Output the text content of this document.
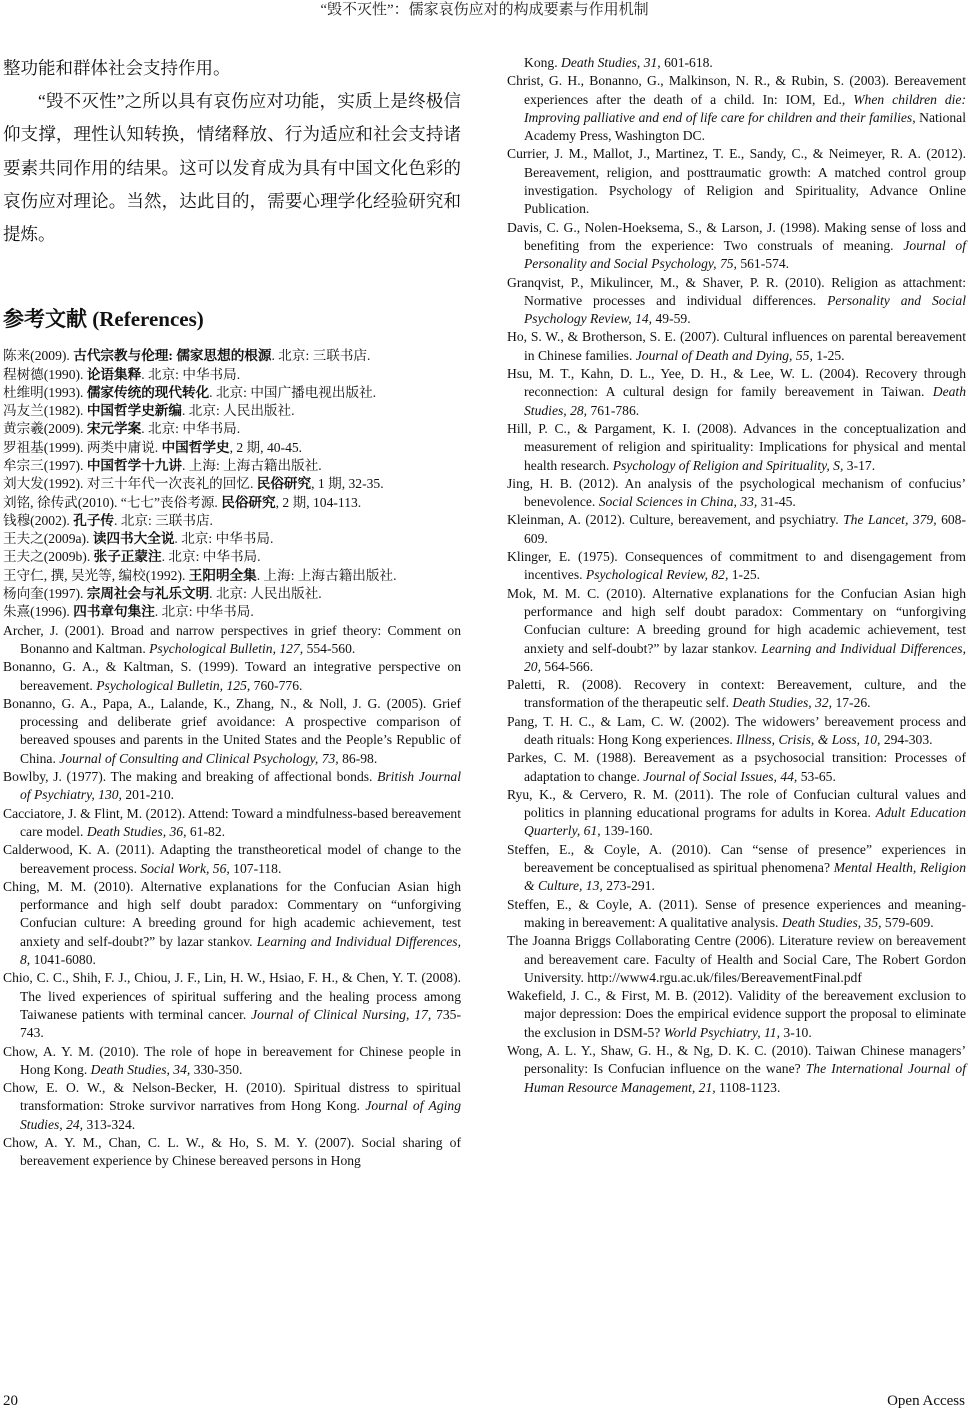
“毁不灭性”：儒家哀伤应对的构成要素与作用机制

整功能和群体社会支持作用。

“毁不灭性”之所以具有哀伤应对功能，实质上是终极信仰支撑，理性认知转换，情绪释放、行为适应和社会支持诸要素共同作用的结果。这可以发育成为具有中国文化色彩的哀伤应对理论。当然，达此目的，需要心理学化经验研究和提炼。

参考文献 (References)

陈来(2009). 古代宗教与伦理: 儒家思想的根源. 北京: 三联书店.

程树德(1990). 论语集释. 北京: 中华书局.

杜维明(1993). 儒家传统的现代转化. 北京: 中国广播电视出版社.

冯友兰(1982). 中国哲学史新编. 北京: 人民出版社.

黄宗羲(2009). 宋元学案. 北京: 中华书局.

罗祖基(1999). 两类中庸说. 中国哲学史, 2 期, 40-45.

牟宗三(1997). 中国哲学十九讲. 上海: 上海古籍出版社.

刘大发(1992). 对三十年代一次丧礼的回忆. 民俗研究, 1 期, 32-35.

刘铭, 徐传武(2010). “七七”丧俗考源. 民俗研究, 2 期, 104-113.

钱穆(2002). 孔子传. 北京: 三联书店.

王夫之(2009a). 读四书大全说. 北京: 中华书局.

王夫之(2009b). 张子正蒙注. 北京: 中华书局.

王守仁, 撰, 吴光等, 编校(1992). 王阳明全集. 上海: 上海古籍出版社.

杨向奎(1997). 宗周社会与礼乐文明. 北京: 人民出版社.

朱熹(1996). 四书章句集注. 北京: 中华书局.

Archer, J. (2001). Broad and narrow perspectives in grief theory: Comment on Bonanno and Kaltman. Psychological Bulletin, 127, 554-560.

Bonanno, G. A., & Kaltman, S. (1999). Toward an integrative perspective on bereavement. Psychological Bulletin, 125, 760-776.

Bonanno, G. A., Papa, A., Lalande, K., Zhang, N., & Noll, J. G. (2005). Grief processing and deliberate grief avoidance: A prospective comparison of bereaved spouses and parents in the United States and the People’s Republic of China. Journal of Consulting and Clinical Psychology, 73, 86-98.

Bowlby, J. (1977). The making and breaking of affectional bonds. British Journal of Psychiatry, 130, 201-210.

Cacciatore, J. & Flint, M. (2012). Attend: Toward a mindfulness-based bereavement care model. Death Studies, 36, 61-82.

Calderwood, K. A. (2011). Adapting the transtheoretical model of change to the bereavement process. Social Work, 56, 107-118.

Ching, M. M. (2010). Alternative explanations for the Confucian Asian high performance and high self doubt paradox: Commentary on “unforgiving Confucian culture: A breeding ground for high academic achievement, test anxiety and self-doubt?” by lazar stankov. Learning and Individual Differences, 8, 1041-6080.

Chio, C. C., Shih, F. J., Chiou, J. F., Lin, H. W., Hsiao, F. H., & Chen, Y. T. (2008). The lived experiences of spiritual suffering and the healing process among Taiwanese patients with terminal cancer. Journal of Clinical Nursing, 17, 735-743.

Chow, A. Y. M. (2010). The role of hope in bereavement for Chinese people in Hong Kong. Death Studies, 34, 330-350.

Chow, E. O. W., & Nelson-Becker, H. (2010). Spiritual distress to spiritual transformation: Stroke survivor narratives from Hong Kong. Journal of Aging Studies, 24, 313-324.

Chow, A. Y. M., Chan, C. L. W., & Ho, S. M. Y. (2007). Social sharing of bereavement experience by Chinese bereaved persons in Hong

Kong. Death Studies, 31, 601-618.

Christ, G. H., Bonanno, G., Malkinson, N. R., & Rubin, S. (2003). Bereavement experiences after the death of a child. In: IOM, Ed., When children die: Improving palliative and end of life care for children and their families, National Academy Press, Washington DC.

Currier, J. M., Mallot, J., Martinez, T. E., Sandy, C., & Neimeyer, R. A. (2012). Bereavement, religion, and posttraumatic growth: A matched control group investigation. Psychology of Religion and Spirituality, Advance Online Publication.

Davis, C. G., Nolen-Hoeksema, S., & Larson, J. (1998). Making sense of loss and benefiting from the experience: Two construals of meaning. Journal of Personality and Social Psychology, 75, 561-574.

Granqvist, P., Mikulincer, M., & Shaver, P. R. (2010). Religion as attachment: Normative processes and individual differences. Personality and Social Psychology Review, 14, 49-59.

Ho, S. W., & Brotherson, S. E. (2007). Cultural influences on parental bereavement in Chinese families. Journal of Death and Dying, 55, 1-25.

Hsu, M. T., Kahn, D. L., Yee, D. H., & Lee, W. L. (2004). Recovery through reconnection: A cultural design for family bereavement in Taiwan. Death Studies, 28, 761-786.

Hill, P. C., & Pargament, K. I. (2008). Advances in the conceptualization and measurement of religion and spirituality: Implications for physical and mental health research. Psychology of Religion and Spirituality, S, 3-17.

Jing, H. B. (2012). An analysis of the psychological mechanism of confucius’ benevolence. Social Sciences in China, 33, 31-45.

Kleinman, A. (2012). Culture, bereavement, and psychiatry. The Lancet, 379, 608-609.

Klinger, E. (1975). Consequences of commitment to and disengagement from incentives. Psychological Review, 82, 1-25.

Mok, M. M. C. (2010). Alternative explanations for the Confucian Asian high performance and high self doubt paradox: Commentary on “unforgiving Confucian culture: A breeding ground for high academic achievement, test anxiety and self-doubt?” by lazar stankov. Learning and Individual Differences, 20, 564-566.

Paletti, R. (2008). Recovery in context: Bereavement, culture, and the transformation of the therapeutic self. Death Studies, 32, 17-26.

Pang, T. H. C., & Lam, C. W. (2002). The widowers’ bereavement process and death rituals: Hong Kong experiences. Illness, Crisis, & Loss, 10, 294-303.

Parkes, C. M. (1988). Bereavement as a psychosocial transition: Processes of adaptation to change. Journal of Social Issues, 44, 53-65.

Ryu, K., & Cervero, R. M. (2011). The role of Confucian cultural values and politics in planning educational programs for adults in Korea. Adult Education Quarterly, 61, 139-160.

Steffen, E., & Coyle, A. (2010). Can “sense of presence” experiences in bereavement be conceptualised as spiritual phenomena? Mental Health, Religion & Culture, 13, 273-291.

Steffen, E., & Coyle, A. (2011). Sense of presence experiences and meaning-making in bereavement: A qualitative analysis. Death Studies, 35, 579-609.

The Joanna Briggs Collaborating Centre (2006). Literature review on bereavement and bereavement care. Faculty of Health and Social Care, The Robert Gordon University. http://www4.rgu.ac.uk/files/BereavementFinal.pdf

Wakefield, J. C., & First, M. B. (2012). Validity of the bereavement exclusion to major depression: Does the empirical evidence support the proposal to eliminate the exclusion in DSM-5? World Psychiatry, 11, 3-10.

Wong, A. L. Y., Shaw, G. H., & Ng, D. K. C. (2010). Taiwan Chinese managers’ personality: Is Confucian influence on the wane? The International Journal of Human Resource Management, 21, 1108-1123.

20	Open Access
